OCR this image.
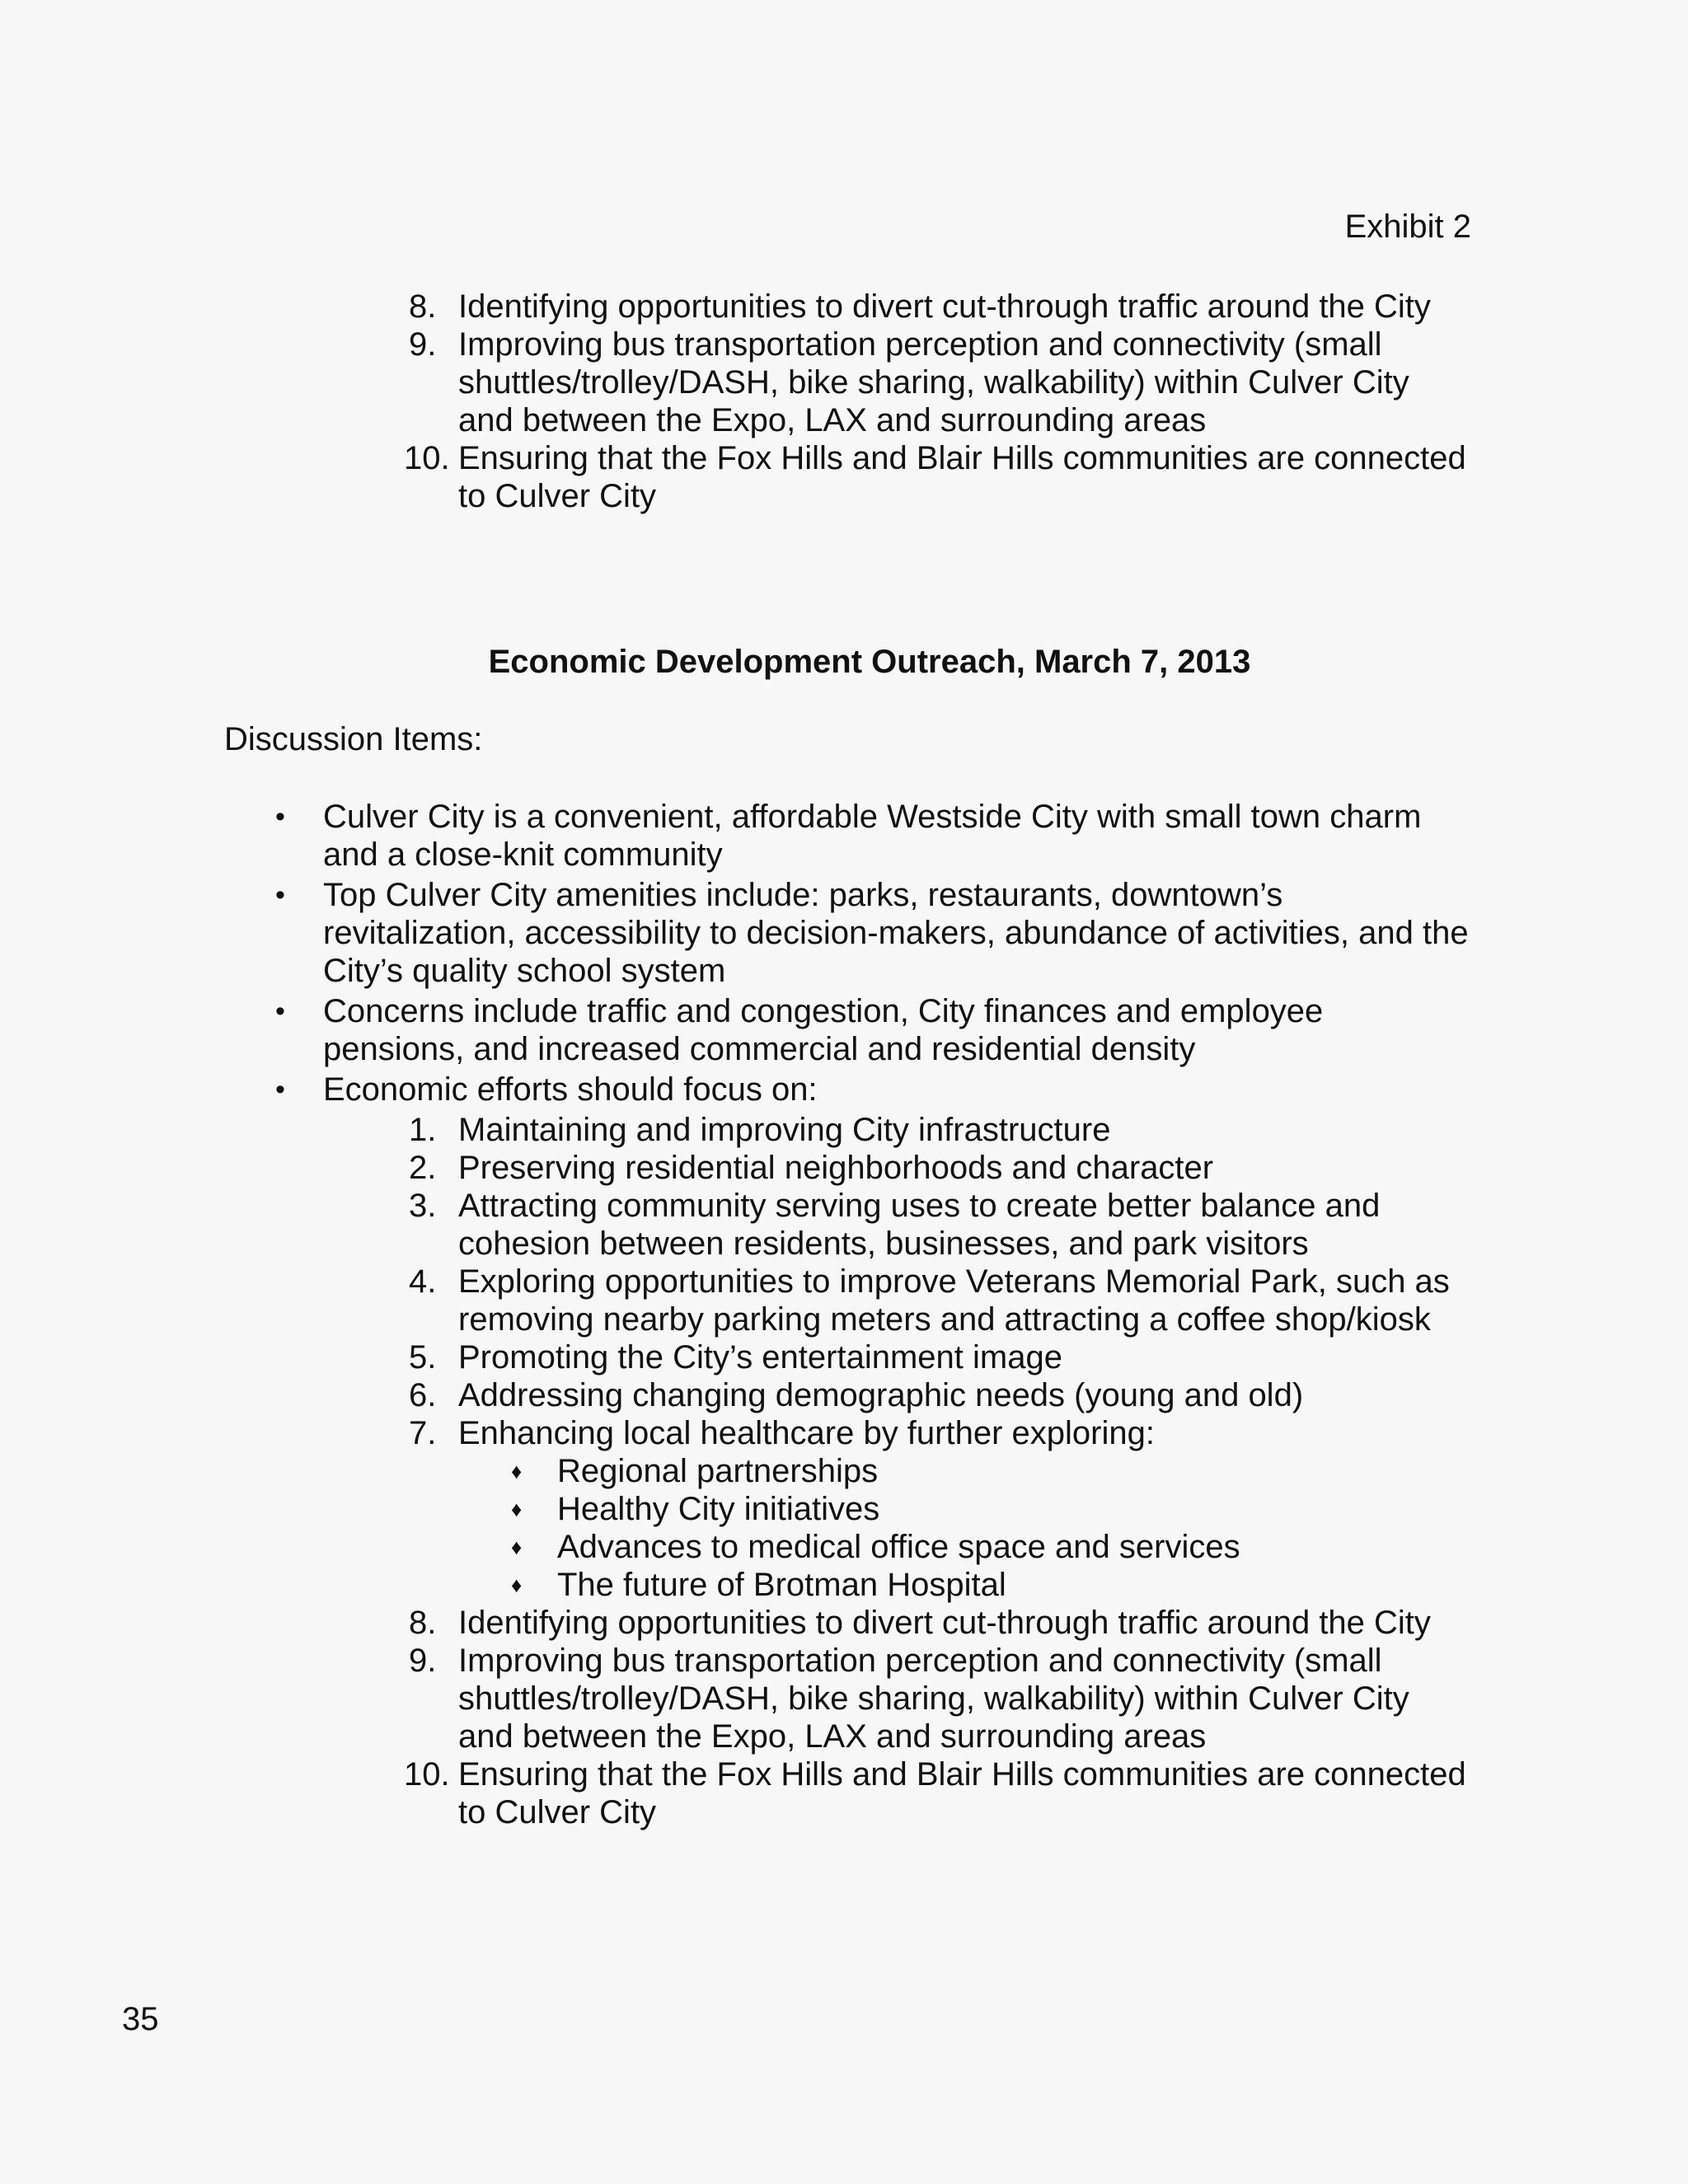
Exhibit 2
8. Identifying opportunities to divert cut-through traffic around the City
9. Improving bus transportation perception and connectivity (small shuttles/trolley/DASH, bike sharing, walkability) within Culver City and between the Expo, LAX and surrounding areas
10. Ensuring that the Fox Hills and Blair Hills communities are connected to Culver City
Economic Development Outreach, March 7, 2013
Discussion Items:
• Culver City is a convenient, affordable Westside City with small town charm and a close-knit community
• Top Culver City amenities include: parks, restaurants, downtown’s revitalization, accessibility to decision-makers, abundance of activities, and the City’s quality school system
• Concerns include traffic and congestion, City finances and employee pensions, and increased commercial and residential density
• Economic efforts should focus on:
1. Maintaining and improving City infrastructure
2. Preserving residential neighborhoods and character
3. Attracting community serving uses to create better balance and cohesion between residents, businesses, and park visitors
4. Exploring opportunities to improve Veterans Memorial Park, such as removing nearby parking meters and attracting a coffee shop/kiosk
5. Promoting the City’s entertainment image
6. Addressing changing demographic needs (young and old)
7. Enhancing local healthcare by further exploring:
♦ Regional partnerships
♦ Healthy City initiatives
♦ Advances to medical office space and services
♦ The future of Brotman Hospital
8. Identifying opportunities to divert cut-through traffic around the City
9. Improving bus transportation perception and connectivity (small shuttles/trolley/DASH, bike sharing, walkability) within Culver City and between the Expo, LAX and surrounding areas
10. Ensuring that the Fox Hills and Blair Hills communities are connected to Culver City
35
